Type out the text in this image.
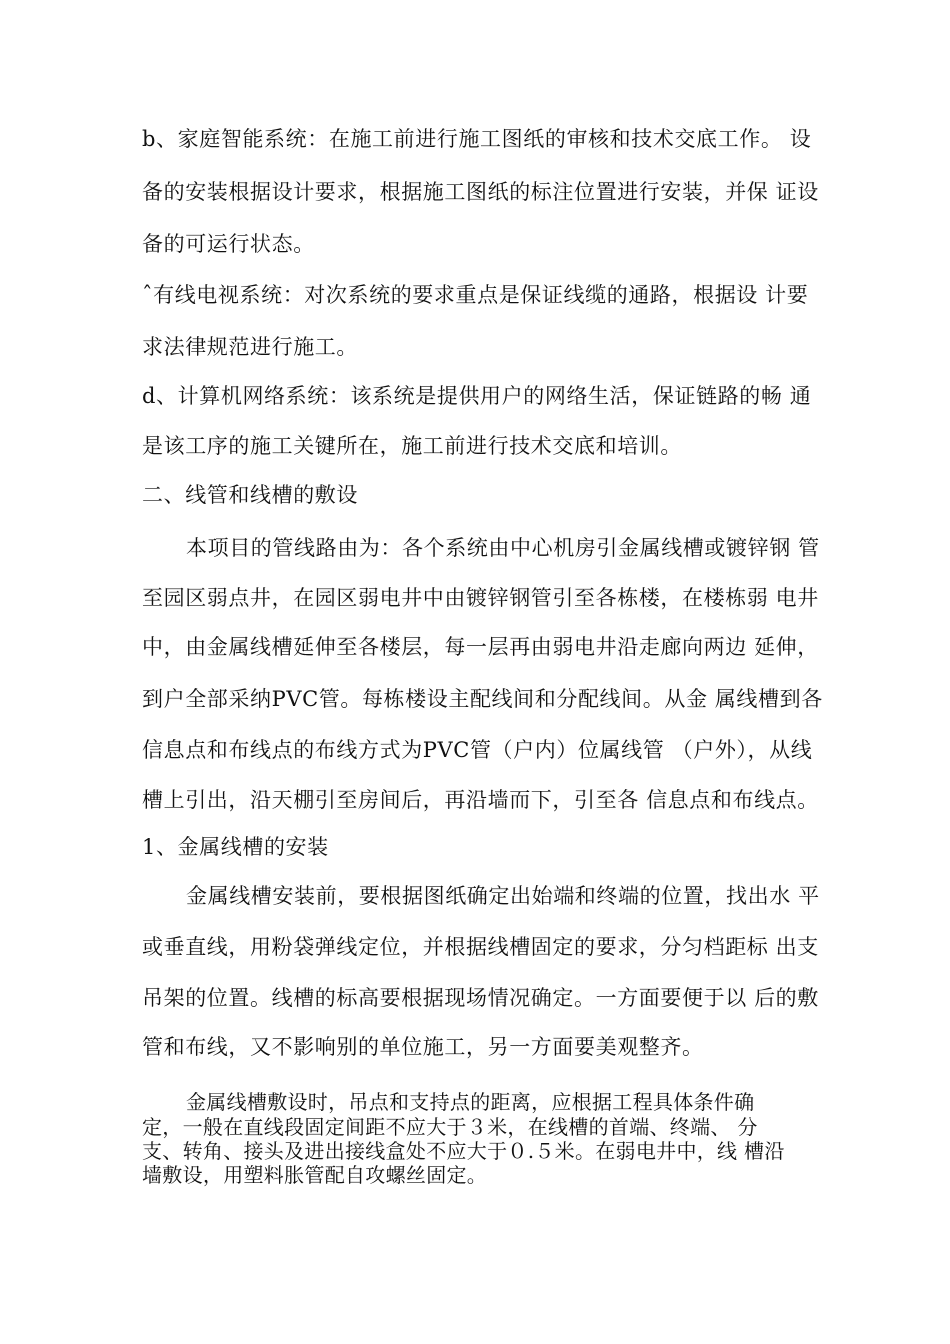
b、家庭智能系统：在施工前进行施工图纸的审核和技术交底工作。 设
备的安装根据设计要求，根据施工图纸的标注位置进行安装，并保 证设
备的可运行状态。
ˆ有线电视系统：对次系统的要求重点是保证线缆的通路，根据设 计要
求法律规范进行施工。
d、计算机网络系统：该系统是提供用户的网络生活，保证链路的畅 通
是该工序的施工关键所在，施工前进行技术交底和培训。
二、线管和线槽的敷设
本项目的管线路由为：各个系统由中心机房引金属线槽或镀锌钢 管
至园区弱点井，在园区弱电井中由镀锌钢管引至各栋楼，在楼栋弱 电井
中，由金属线槽延伸至各楼层，每一层再由弱电井沿走廊向两边 延伸，
到户全部采纳PVC管。每栋楼设主配线间和分配线间。从金 属线槽到各
信息点和布线点的布线方式为PVC管（户内）位属线管 （户外），从线
槽上引出，沿天棚引至房间后，再沿墙而下，引至各 信息点和布线点。
1、金属线槽的安装
金属线槽安装前，要根据图纸确定出始端和终端的位置，找出水 平
或垂直线，用粉袋弹线定位，并根据线槽固定的要求，分匀档距标 出支
吊架的位置。线槽的标高要根据现场情况确定。一方面要便于以 后的敷
管和布线，又不影响别的单位施工，另一方面要美观整齐。
金属线槽敷设时，吊点和支持点的距离，应根据工程具体条件确
定，一般在直线段固定间距不应大于３米，在线槽的首端、终端、 分
支、转角、接头及进出接线盒处不应大于０.５米。在弱电井中，线 槽沿
墙敷设，用塑料胀管配自攻螺丝固定。
